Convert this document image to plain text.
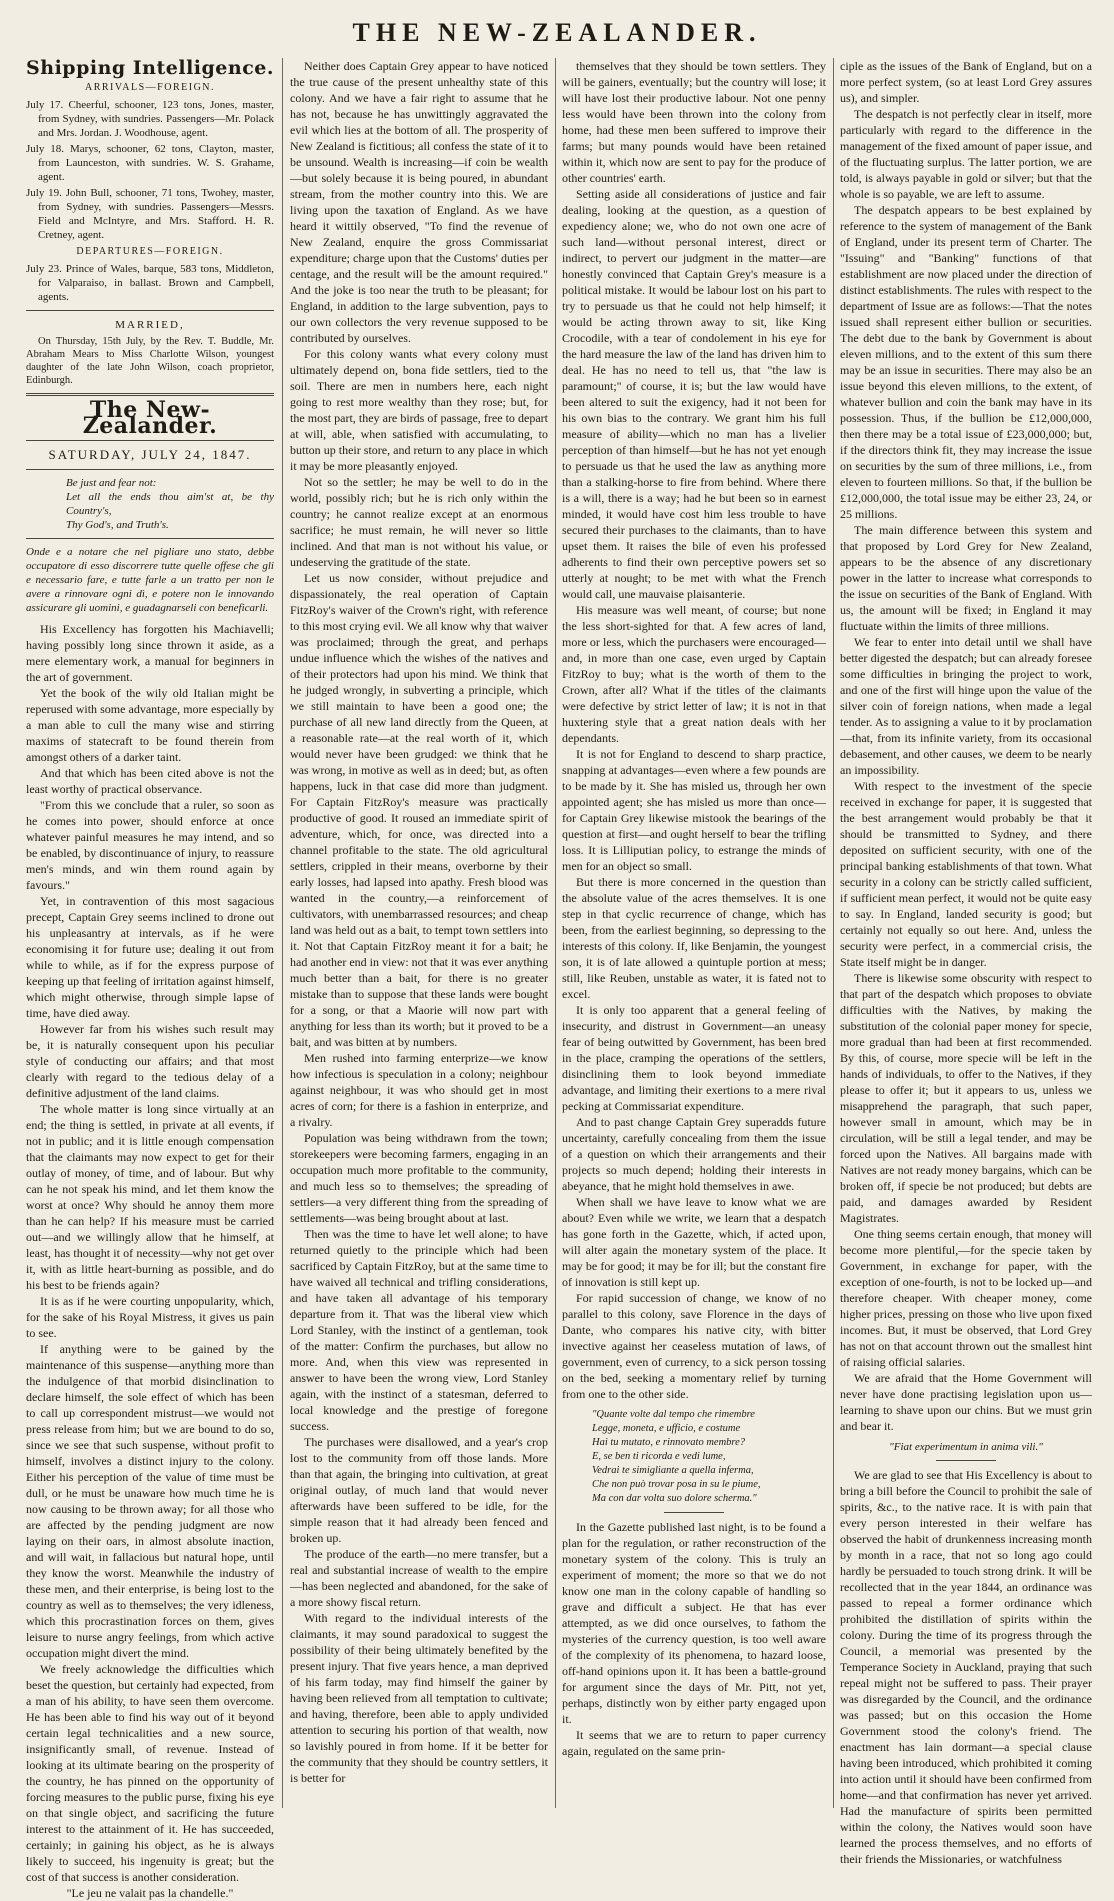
THE NEW-ZEALANDER.
Shipping Intelligence.
ARRIVALS—FOREIGN.
July 17. Cheerful, schooner, 123 tons, Jones, master, from Sydney, with sundries. Passengers—Mr. Polack and Mrs. Jordan. J. Woodhouse, agent.
July 18. Marys, schooner, 62 tons, Clayton, master, from Launceston, with sundries. W. S. Grahame, agent.
July 19. John Bull, schooner, 71 tons, Twohey, master, from Sydney, with sundries. Passengers—Messrs. Field and McIntyre, and Mrs. Stafford. H. R. Cretney, agent.
DEPARTURES—FOREIGN.
July 23. Prince of Wales, barque, 583 tons, Middleton, for Valparaiso, in ballast. Brown and Campbell, agents.
MARRIED,
On Thursday, 15th July, by the Rev. T. Buddle, Mr. Abraham Mears to Miss Charlotte Wilson, youngest daughter of the late John Wilson, coach proprietor, Edinburgh.
The New-Zealander.
SATURDAY, JULY 24, 1847.
Be just and fear not:
Let all the ends thou aim'st at, be thy Country's,
Thy God's, and Truth's.
Onde e a notare che nel pigliare uno stato, debbe occupatore di esso discorrere tutte quelle offese che gli e necessario fare, e tutte farle a un tratto per non le avere a rinnovare ogni dì, e potere non le innovando assicurare gli uomini, e guadagnarseli con beneficarli.

His Excellency has forgotten his Machiavelli; having possibly long since thrown it aside, as a mere elementary work, a manual for beginners in the art of government.

Yet the book of the wily old Italian might be reperused with some advantage, more especially by a man able to cull the many wise and stirring maxims of statecraft to be found therein from amongst others of a darker taint.

And that which has been cited above is not the least worthy of practical observance.

"From this we conclude that a ruler, so soon as he comes into power, should enforce at once whatever painful measures he may intend, and so be enabled, by discontinuance of injury, to reassure men's minds, and win them round again by favours."

Yet, in contravention of this most sagacious precept, Captain Grey seems inclined to drone out his unpleasantry at intervals, as if he were economising it for future use; dealing it out from while to while, as if for the express purpose of keeping up that feeling of irritation against himself, which might otherwise, through simple lapse of time, have died away.

However far from his wishes such result may be, it is naturally consequent upon his peculiar style of conducting our affairs; and that most clearly with regard to the tedious delay of a definitive adjustment of the land claims.

The whole matter is long since virtually at an end; the thing is settled, in private at all events, if not in public; and it is little enough compensation that the claimants may now expect to get for their outlay of money, of time, and of labour. But why can he not speak his mind, and let them know the worst at once? Why should he annoy them more than he can help? If his measure must be carried out—and we willingly allow that he himself, at least, has thought it of necessity—why not get over it, with as little heart-burning as possible, and do his best to be friends again?

It is as if he were courting unpopularity, which, for the sake of his Royal Mistress, it gives us pain to see.

If anything were to be gained by the maintenance of this suspense—anything more than the indulgence of that morbid disinclination to declare himself, the sole effect of which has been to call up correspondent mistrust—we would not press release from him; but we are bound to do so, since we see that such suspense, without profit to himself, involves a distinct injury to the colony. Either his perception of the value of time must be dull, or he must be unaware how much time he is now causing to be thrown away; for all those who are affected by the pending judgment are now laying on their oars, in almost absolute inaction, and will wait, in fallacious but natural hope, until they know the worst. Meanwhile the industry of these men, and their enterprise, is being lost to the country as well as to themselves; the very idleness, which this procrastination forces on them, gives leisure to nurse angry feelings, from which active occupation might divert the mind.

We freely acknowledge the difficulties which beset the question, but certainly had expected, from a man of his ability, to have seen them overcome. He has been able to find his way out of it beyond certain legal technicalities and a new source, insignificantly small, of revenue. Instead of looking at its ultimate bearing on the prosperity of the country, he has pinned on the opportunity of forcing measures to the public purse, fixing his eye on that single object, and sacrificing the future interest to the attainment of it. He has succeeded, certainly; in gaining his object, as he is always likely to succeed, his ingenuity is great; but the cost of that success is another consideration.

"Le jeu ne valait pas la chandelle."

Neither does Captain Grey appear to have noticed the true cause of the present unhealthy state of this colony. And we have a fair right to assume that he has not, because he has unwittingly aggravated the evil which lies at the bottom of all. The prosperity of New Zealand is fictitious; all confess the state of it to be unsound. Wealth is increasing—if coin be wealth—but solely because it is being poured, in abundant stream, from the mother country into this. We are living upon the taxation of England. As we have heard it wittily observed, "To find the revenue of New Zealand, enquire the gross Commissariat expenditure; charge upon that the Customs' duties per centage, and the result will be the amount required." And the joke is too near the truth to be pleasant; for England, in addition to the large subvention, pays to our own collectors the very revenue supposed to be contributed by ourselves.

For this colony wants what every colony must ultimately depend on, bona fide settlers, tied to the soil. There are men in numbers here, each night going to rest more wealthy than they rose; but, for the most part, they are birds of passage, free to depart at will, able, when satisfied with accumulating, to button up their store, and return to any place in which it may be more pleasantly enjoyed.

Not so the settler; he may be well to do in the world, possibly rich; but he is rich only within the country; he cannot realize except at an enormous sacrifice; he must remain, he will never so little inclined. And that man is not without his value, or undeserving the gratitude of the state.

Let us now consider, without prejudice and dispassionately, the real operation of Captain FitzRoy's waiver of the Crown's right, with reference to this most crying evil. We all know why that waiver was proclaimed; through the great, and perhaps undue influence which the wishes of the natives and of their protectors had upon his mind. We think that he judged wrongly, in subverting a principle, which we still maintain to have been a good one; the purchase of all new land directly from the Queen, at a reasonable rate—at the real worth of it, which would never have been grudged: we think that he was wrong, in motive as well as in deed; but, as often happens, luck in that case did more than judgment. For Captain FitzRoy's measure was practically productive of good. It roused an immediate spirit of adventure, which, for once, was directed into a channel profitable to the state. The old agricultural settlers, crippled in their means, overborne by their early losses, had lapsed into apathy. Fresh blood was wanted in the country,—a reinforcement of cultivators, with unembarrassed resources; and cheap land was held out as a bait, to tempt town settlers into it. Not that Captain FitzRoy meant it for a bait; he had another end in view: not that it was ever anything much better than a bait, for there is no greater mistake than to suppose that these lands were bought for a song, or that a Maorie will now part with anything for less than its worth; but it proved to be a bait, and was bitten at by numbers.

Men rushed into farming enterprize—we know how infectious is speculation in a colony; neighbour against neighbour, it was who should get in most acres of corn; for there is a fashion in enterprize, and a rivalry.

Population was being withdrawn from the town; storekeepers were becoming farmers, engaging in an occupation much more profitable to the community, and much less so to themselves; the spreading of settlers—a very different thing from the spreading of settlements—was being brought about at last.

Then was the time to have let well alone; to have returned quietly to the principle which had been sacrificed by Captain FitzRoy, but at the same time to have waived all technical and trifling considerations, and have taken all advantage of his temporary departure from it. That was the liberal view which Lord Stanley, with the instinct of a gentleman, took of the matter: Confirm the purchases, but allow no more. And, when this view was represented in answer to have been the wrong view, Lord Stanley again, with the instinct of a statesman, deferred to local knowledge and the prestige of foregone success.

The purchases were disallowed, and a year's crop lost to the community from off those lands. More than that again, the bringing into cultivation, at great original outlay, of much land that would never afterwards have been suffered to be idle, for the simple reason that it had already been fenced and broken up.

The produce of the earth—no mere transfer, but a real and substantial increase of wealth to the empire—has been neglected and abandoned, for the sake of a more showy fiscal return.

With regard to the individual interests of the claimants, it may sound paradoxical to suggest the possibility of their being ultimately benefited by the present injury. That five years hence, a man deprived of his farm today, may find himself the gainer by having been relieved from all temptation to cultivate; and having, therefore, been able to apply undivided attention to securing his portion of that wealth, now so lavishly poured in from home. If it be better for the community that they should be country settlers, it is better for

themselves that they should be town settlers. They will be gainers, eventually; but the country will lose; it will have lost their productive labour. Not one penny less would have been thrown into the colony from home, had these men been suffered to improve their farms; but many pounds would have been retained within it, which now are sent to pay for the produce of other countries' earth.

Setting aside all considerations of justice and fair dealing, looking at the question, as a question of expediency alone; we, who do not own one acre of such land—without personal interest, direct or indirect, to pervert our judgment in the matter—are honestly convinced that Captain Grey's measure is a political mistake. It would be labour lost on his part to try to persuade us that he could not help himself; it would be acting thrown away to sit, like King Crocodile, with a tear of condolement in his eye for the hard measure the law of the land has driven him to deal. He has no need to tell us, that "the law is paramount;" of course, it is; but the law would have been altered to suit the exigency, had it not been for his own bias to the contrary. We grant him his full measure of ability—which no man has a livelier perception of than himself—but he has not yet enough to persuade us that he used the law as anything more than a stalking-horse to fire from behind. Where there is a will, there is a way; had he but been so in earnest minded, it would have cost him less trouble to have secured their purchases to the claimants, than to have upset them. It raises the bile of even his professed adherents to find their own perceptive powers set so utterly at nought; to be met with what the French would call, une mauvaise plaisanterie.

His measure was well meant, of course; but none the less short-sighted for that. A few acres of land, more or less, which the purchasers were encouraged—and, in more than one case, even urged by Captain FitzRoy to buy; what is the worth of them to the Crown, after all? What if the titles of the claimants were defective by strict letter of law; it is not in that huxtering style that a great nation deals with her dependants.

It is not for England to descend to sharp practice, snapping at advantages—even where a few pounds are to be made by it. She has misled us, through her own appointed agent; she has misled us more than once—for Captain Grey likewise mistook the bearings of the question at first—and ought herself to bear the trifling loss. It is Lilliputian policy, to estrange the minds of men for an object so small.

But there is more concerned in the question than the absolute value of the acres themselves. It is one step in that cyclic recurrence of change, which has been, from the earliest beginning, so depressing to the interests of this colony. If, like Benjamin, the youngest son, it is of late allowed a quintuple portion at mess; still, like Reuben, unstable as water, it is fated not to excel.

It is only too apparent that a general feeling of insecurity, and distrust in Government—an uneasy fear of being outwitted by Government, has been bred in the place, cramping the operations of the settlers, disinclining them to look beyond immediate advantage, and limiting their exertions to a mere rival pecking at Commissariat expenditure.

And to past change Captain Grey superadds future uncertainty, carefully concealing from them the issue of a question on which their arrangements and their projects so much depend; holding their interests in abeyance, that he might hold themselves in awe.

When shall we have leave to know what we are about? Even while we write, we learn that a despatch has gone forth in the Gazette, which, if acted upon, will alter again the monetary system of the place. It may be for good; it may be for ill; but the constant fire of innovation is still kept up.

For rapid succession of change, we know of no parallel to this colony, save Florence in the days of Dante, who compares his native city, with bitter invective against her ceaseless mutation of laws, of government, even of currency, to a sick person tossing on the bed, seeking a momentary relief by turning from one to the other side.

"Quante volte dal tempo che rimembre
Legge, moneta, e ufficio, e costume
Hai tu mutato, e rinnovato membre?
E, se ben ti ricorda e vedi lume,
Vedrai te simigliante a quella inferma,
Che non può trovar posa in su le piume,
Ma con dar volta suo dolore scherma."

In the Gazette published last night, is to be found a plan for the regulation, or rather reconstruction of the monetary system of the colony. This is truly an experiment of moment; the more so that we do not know one man in the colony capable of handling so grave and difficult a subject. He that has ever attempted, as we did once ourselves, to fathom the mysteries of the currency question, is too well aware of the complexity of its phenomena, to hazard loose, off-hand opinions upon it. It has been a battle-ground for argument since the days of Mr. Pitt, not yet, perhaps, distinctly won by either party engaged upon it.

It seems that we are to return to paper currency again, regulated on the same prin-

ciple as the issues of the Bank of England, but on a more perfect system, (so at least Lord Grey assures us), and simpler.

The despatch is not perfectly clear in itself, more particularly with regard to the difference in the management of the fixed amount of paper issue, and of the fluctuating surplus. The latter portion, we are told, is always payable in gold or silver; but that the whole is so payable, we are left to assume.

The despatch appears to be best explained by reference to the system of management of the Bank of England, under its present term of Charter. The "Issuing" and "Banking" functions of that establishment are now placed under the direction of distinct establishments. The rules with respect to the department of Issue are as follows:—That the notes issued shall represent either bullion or securities. The debt due to the bank by Government is about eleven millions, and to the extent of this sum there may be an issue in securities. There may also be an issue beyond this eleven millions, to the extent, of whatever bullion and coin the bank may have in its possession. Thus, if the bullion be £12,000,000, then there may be a total issue of £23,000,000; but, if the directors think fit, they may increase the issue on securities by the sum of three millions, i.e., from eleven to fourteen millions. So that, if the bullion be £12,000,000, the total issue may be either 23, 24, or 25 millions.

The main difference between this system and that proposed by Lord Grey for New Zealand, appears to be the absence of any discretionary power in the latter to increase what corresponds to the issue on securities of the Bank of England. With us, the amount will be fixed; in England it may fluctuate within the limits of three millions.

We fear to enter into detail until we shall have better digested the despatch; but can already foresee some difficulties in bringing the project to work, and one of the first will hinge upon the value of the silver coin of foreign nations, when made a legal tender. As to assigning a value to it by proclamation—that, from its infinite variety, from its occasional debasement, and other causes, we deem to be nearly an impossibility.

With respect to the investment of the specie received in exchange for paper, it is suggested that the best arrangement would probably be that it should be transmitted to Sydney, and there deposited on sufficient security, with one of the principal banking establishments of that town. What security in a colony can be strictly called sufficient, if sufficient mean perfect, it would not be quite easy to say. In England, landed security is good; but certainly not equally so out here. And, unless the security were perfect, in a commercial crisis, the State itself might be in danger.

There is likewise some obscurity with respect to that part of the despatch which proposes to obviate difficulties with the Natives, by making the substitution of the colonial paper money for specie, more gradual than had been at first recommended. By this, of course, more specie will be left in the hands of individuals, to offer to the Natives, if they please to offer it; but it appears to us, unless we misapprehend the paragraph, that such paper, however small in amount, which may be in circulation, will be still a legal tender, and may be forced upon the Natives. All bargains made with Natives are not ready money bargains, which can be broken off, if specie be not produced; but debts are paid, and damages awarded by Resident Magistrates.

One thing seems certain enough, that money will become more plentiful,—for the specie taken by Government, in exchange for paper, with the exception of one-fourth, is not to be locked up—and therefore cheaper. With cheaper money, come higher prices, pressing on those who live upon fixed incomes. But, it must be observed, that Lord Grey has not on that account thrown out the smallest hint of raising official salaries.

We are afraid that the Home Government will never have done practising legislation upon us—learning to shave upon our chins. But we must grin and bear it.

"Fiat experimentum in anima vili."

We are glad to see that His Excellency is about to bring a bill before the Council to prohibit the sale of spirits, &c., to the native race. It is with pain that every person interested in their welfare has observed the habit of drunkenness increasing month by month in a race, that not so long ago could hardly be persuaded to touch strong drink. It will be recollected that in the year 1844, an ordinance was passed to repeal a former ordinance which prohibited the distillation of spirits within the colony. During the time of its progress through the Council, a memorial was presented by the Temperance Society in Auckland, praying that such repeal might not be suffered to pass. Their prayer was disregarded by the Council, and the ordinance was passed; but on this occasion the Home Government stood the colony's friend. The enactment has lain dormant—a special clause having been introduced, which prohibited it coming into action until it should have been confirmed from home—and that confirmation has never yet arrived. Had the manufacture of spirits been permitted within the colony, the Natives would soon have learned the process themselves, and no efforts of their friends the Missionaries, or watchfulness
